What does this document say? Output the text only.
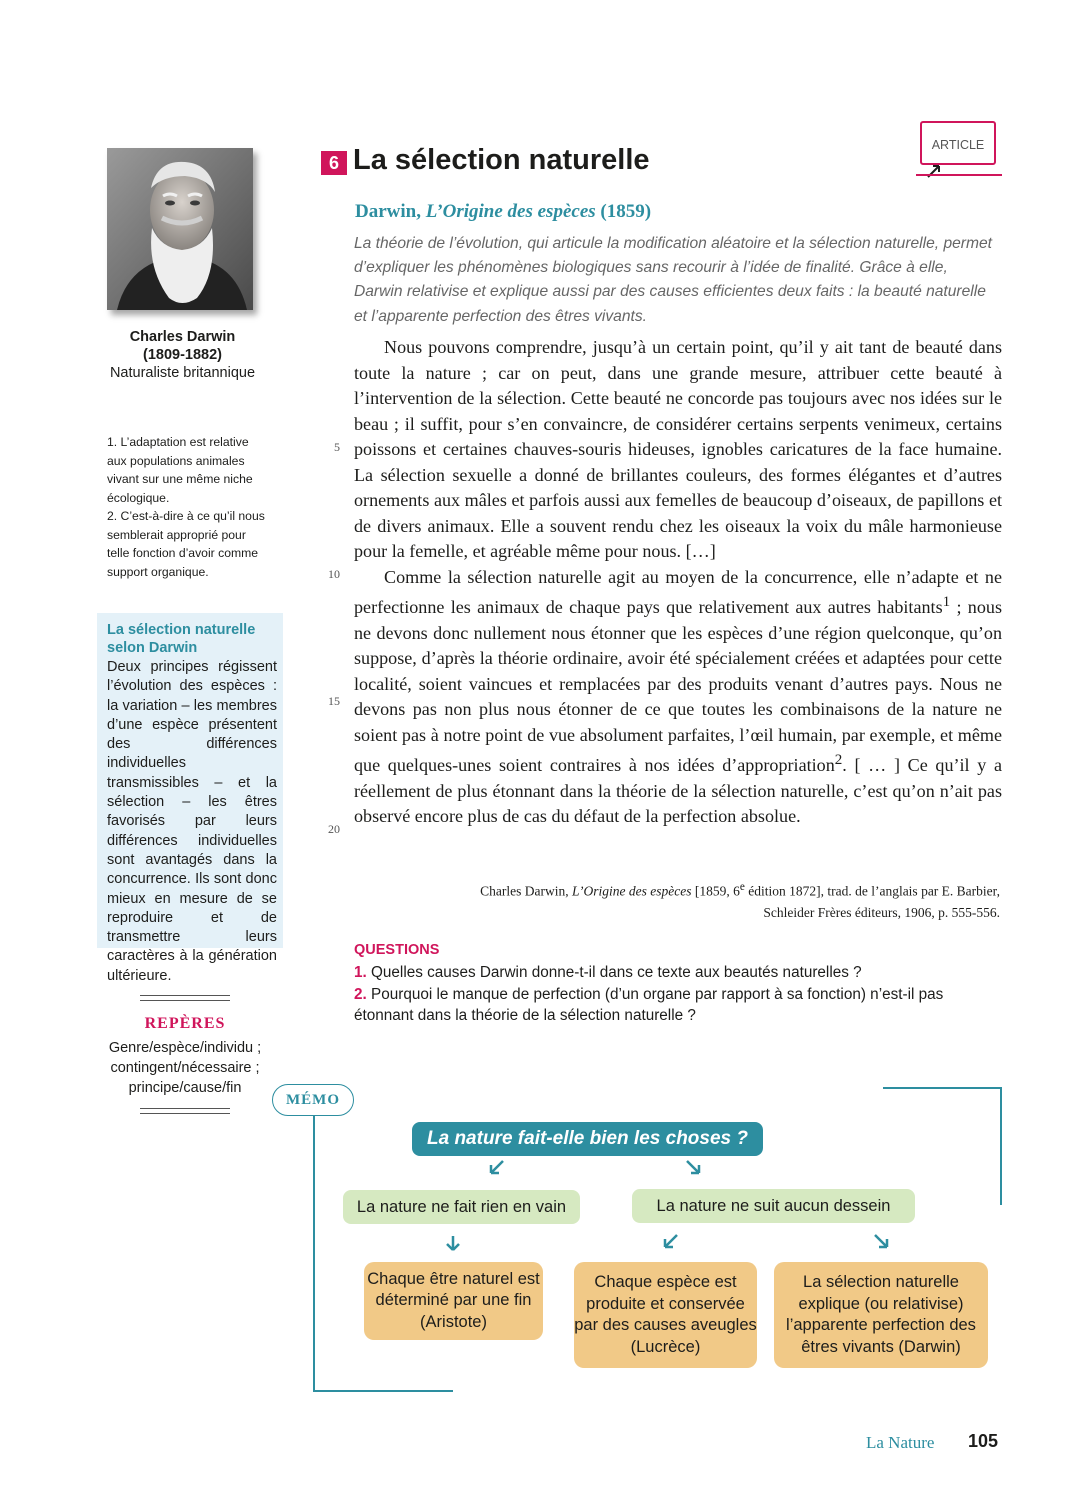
Charles Darwin
(1809-1882)
Naturaliste britannique

1. L’adaptation est relative aux populations animales vivant sur une même niche écologique.

2. C’est-à-dire à ce qu’il nous semblerait approprié pour telle fonction d’avoir comme support organique.

La sélection naturelle selon Darwin
Deux principes régissent l’évolution des espèces : la variation – les membres d’une espèce présentent des différences individuelles transmissibles – et la sélection – les êtres favorisés par leurs différences individuelles sont avantagés dans la concurrence. Ils sont donc mieux en mesure de se reproduire et de transmettre leurs caractères à la génération ultérieure.
REPÈRES
Genre/espèce/individu ;
contingent/nécessaire ;
principe/cause/fin
6 La sélection naturelle	ARTICLE
Darwin, L’Origine des espèces (1859)
La théorie de l’évolution, qui articule la modification aléatoire et la sélection naturelle, permet d’expliquer les phénomènes biologiques sans recourir à l’idée de finalité. Grâce à elle, Darwin relativise et explique aussi par des causes efficientes deux faits : la beauté naturelle et l’apparente perfection des êtres vivants.

Nous pouvons comprendre, jusqu’à un certain point, qu’il y ait tant de beauté dans toute la nature ; car on peut, dans une grande mesure, attribuer cette beauté à l’intervention de la sélection. Cette beauté ne concorde pas toujours avec nos idées sur le beau ; il suffit, pour s’en convaincre, de considérer certains serpents venimeux, certains poissons et certaines chauves-souris hideuses, ignobles caricatures de la face humaine. La sélection sexuelle a donné de brillantes couleurs, des formes élégantes et d’autres ornements aux mâles et parfois aussi aux femelles de beaucoup d’oiseaux, de papillons et de divers animaux. Elle a souvent rendu chez les oiseaux la voix du mâle harmonieuse pour la femelle, et agréable même pour nous. […]

Comme la sélection naturelle agit au moyen de la concurrence, elle n’adapte et ne perfectionne les animaux de chaque pays que relativement aux autres habitants$^1$ ; nous ne devons donc nullement nous étonner que les espèces d’une région quelconque, qu’on suppose, d’après la théorie ordinaire, avoir été spécialement créées et adaptées pour cette localité, soient vaincues et remplacées par des produits venant d’autres pays. Nous ne devons pas non plus nous étonner de ce que toutes les combinaisons de la nature ne soient pas à notre point de vue absolument parfaites, l’œil humain, par exemple, et même que quelques-unes soient contraires à nos idées d’appropriation$^2$. [ … ] Ce qu’il y a réellement de plus étonnant dans la théorie de la sélection naturelle, c’est qu’on n’ait pas observé encore plus de cas du défaut de la perfection absolue.

5
10
15
20
Charles Darwin, L’Origine des espèces [1859, 6e édition 1872], trad. de l’anglais par E. Barbier,
Schleider Frères éditeurs, 1906, p. 555-556.
QUESTIONS

1. Quelles causes Darwin donne-t-il dans ce texte aux beautés naturelles ?

2. Pourquoi le manque de perfection (d’un organe par rapport à sa fonction) n’est-il pas étonnant dans la théorie de la sélection naturelle ?

MÉMO
La nature fait-elle bien les choses ?
La nature ne fait rien en vain	La nature ne suit aucun dessein
Chaque être naturel est déterminé par une fin (Aristote)
Chaque espèce est produite et conservée par des causes aveugles (Lucrèce)
La sélection naturelle explique (ou relativise) l’apparente perfection des êtres vivants (Darwin)
La Nature 105
